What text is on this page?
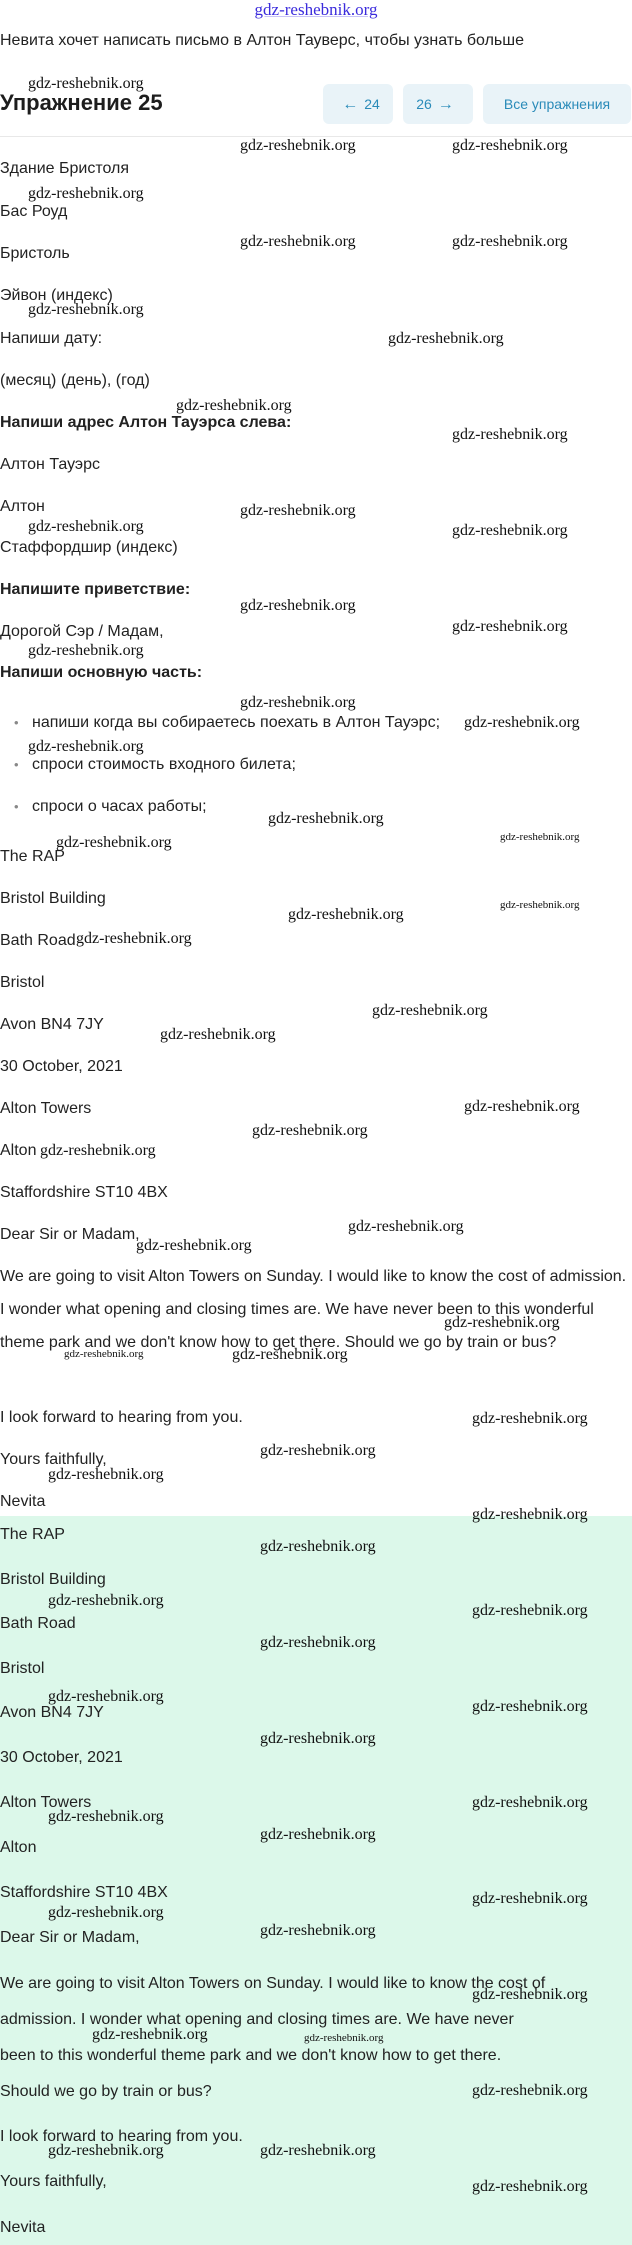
gdz-reshebnik.org
Невита хочет написать письмо в Алтон Тауверс, чтобы узнать больше
Упражнение 25	← 24	26 →	Все упражнения
Здание Бристоля
Бас Роуд
Бристоль
Эйвон (индекс)
Напиши дату:
(месяц) (день), (год)
Напиши адрес Алтон Тауэрса слева:
Алтон Тауэрс
Алтон
Стаффордшир (индекс)
Напишите приветствие:
Дорогой Сэр / Мадам,
Напиши основную часть:
• напиши когда вы собираетесь поехать в Алтон Тауэрс;
• спроси стоимость входного билета;
• спроси о часах работы;
The RAP
Bristol Building
Bath Road
Bristol
Avon BN4 7JY
30 October, 2021
Alton Towers
Alton
Staffordshire ST10 4BX
Dear Sir or Madam,
We are going to visit Alton Towers on Sunday. I would like to know the cost of admission. I wonder what opening and closing times are. We have never been to this wonderful theme park and we don't know how to get there. Should we go by train or bus?
I look forward to hearing from you.
Yours faithfully,
Nevita
The RAP
Bristol Building
Bath Road
Bristol
Avon BN4 7JY
30 October, 2021
Alton Towers
Alton
Staffordshire ST10 4BX
Dear Sir or Madam,
We are going to visit Alton Towers on Sunday. I would like to know the cost of
admission. I wonder what opening and closing times are. We have never
been to this wonderful theme park and we don't know how to get there.
Should we go by train or bus?
I look forward to hearing from you.
Yours faithfully,
Nevita
gdz-reshebnik.org
gdz-reshebnik.org	gdz-reshebnik.org
gdz-reshebnik.org
gdz-reshebnik.org	gdz-reshebnik.org
gdz-reshebnik.org
gdz-reshebnik.org
gdz-reshebnik.org
gdz-reshebnik.org
gdz-reshebnik.org
gdz-reshebnik.org	gdz-reshebnik.org
gdz-reshebnik.org
gdz-reshebnik.org
gdz-reshebnik.org
gdz-reshebnik.org
gdz-reshebnik.org
gdz-reshebnik.org
gdz-reshebnik.org
gdz-reshebnik.org
gdz-reshebnik.org
gdz-reshebnik.org
gdz-reshebnik.org
gdz-reshebnik.org
gdz-reshebnik.org
gdz-reshebnik.org
gdz-reshebnik.org
gdz-reshebnik.org
gdz-reshebnik.org
gdz-reshebnik.org
gdz-reshebnik.org
gdz-reshebnik.org
gdz-reshebnik.org	gdz-reshebnik.org
gdz-reshebnik.org
gdz-reshebnik.org
gdz-reshebnik.org
gdz-reshebnik.org
gdz-reshebnik.org
gdz-reshebnik.org
gdz-reshebnik.org
gdz-reshebnik.org
gdz-reshebnik.org
gdz-reshebnik.org
gdz-reshebnik.org
gdz-reshebnik.org
gdz-reshebnik.org
gdz-reshebnik.org
gdz-reshebnik.org
gdz-reshebnik.org
gdz-reshebnik.org
gdz-reshebnik.org
gdz-reshebnik.org	gdz-reshebnik.org
gdz-reshebnik.org
gdz-reshebnik.org	gdz-reshebnik.org
gdz-reshebnik.org
